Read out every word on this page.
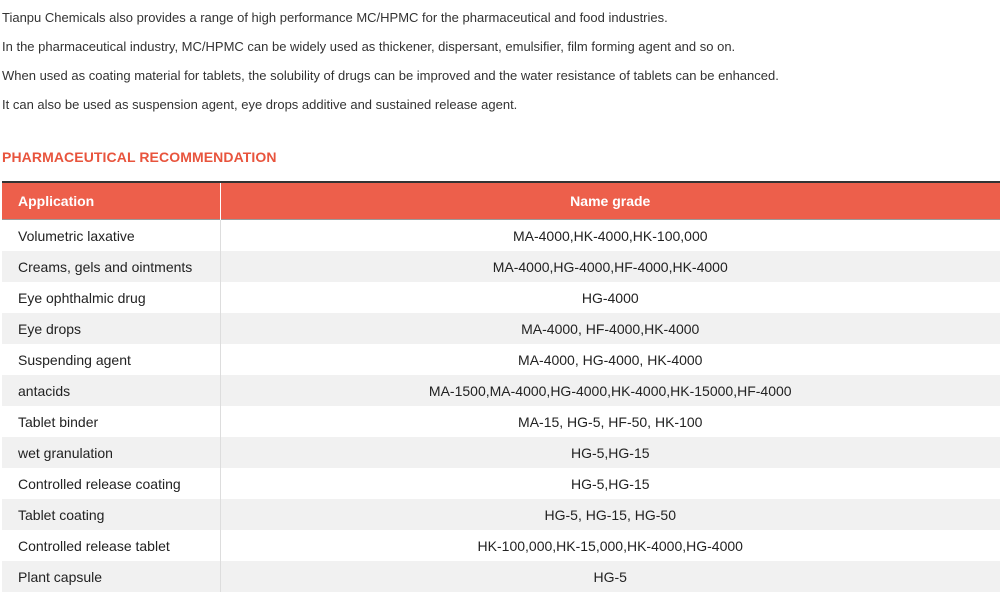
Tianpu Chemicals also provides a range of high performance MC/HPMC for the pharmaceutical and food industries.

In the pharmaceutical industry, MC/HPMC can be widely used as thickener, dispersant, emulsifier, film forming agent and so on.

When used as coating material for tablets, the solubility of drugs can be improved and the water resistance of tablets can be enhanced.

It can also be used as suspension agent, eye drops additive and sustained release agent.

PHARMACEUTICAL RECOMMENDATION
Application	Name grade
Volumetric laxative	MA-4000,HK-4000,HK-100,000
Creams, gels and ointments	MA-4000,HG-4000,HF-4000,HK-4000
Eye ophthalmic drug	HG-4000
Eye drops	MA-4000, HF-4000,HK-4000
Suspending agent	MA-4000, HG-4000, HK-4000
antacids	MA-1500,MA-4000,HG-4000,HK-4000,HK-15000,HF-4000
Tablet binder	MA-15, HG-5, HF-50, HK-100
wet granulation	HG-5,HG-15
Controlled release coating	HG-5,HG-15
Tablet coating	HG-5, HG-15, HG-50
Controlled release tablet	HK-100,000,HK-15,000,HK-4000,HG-4000
Plant capsule	HG-5
